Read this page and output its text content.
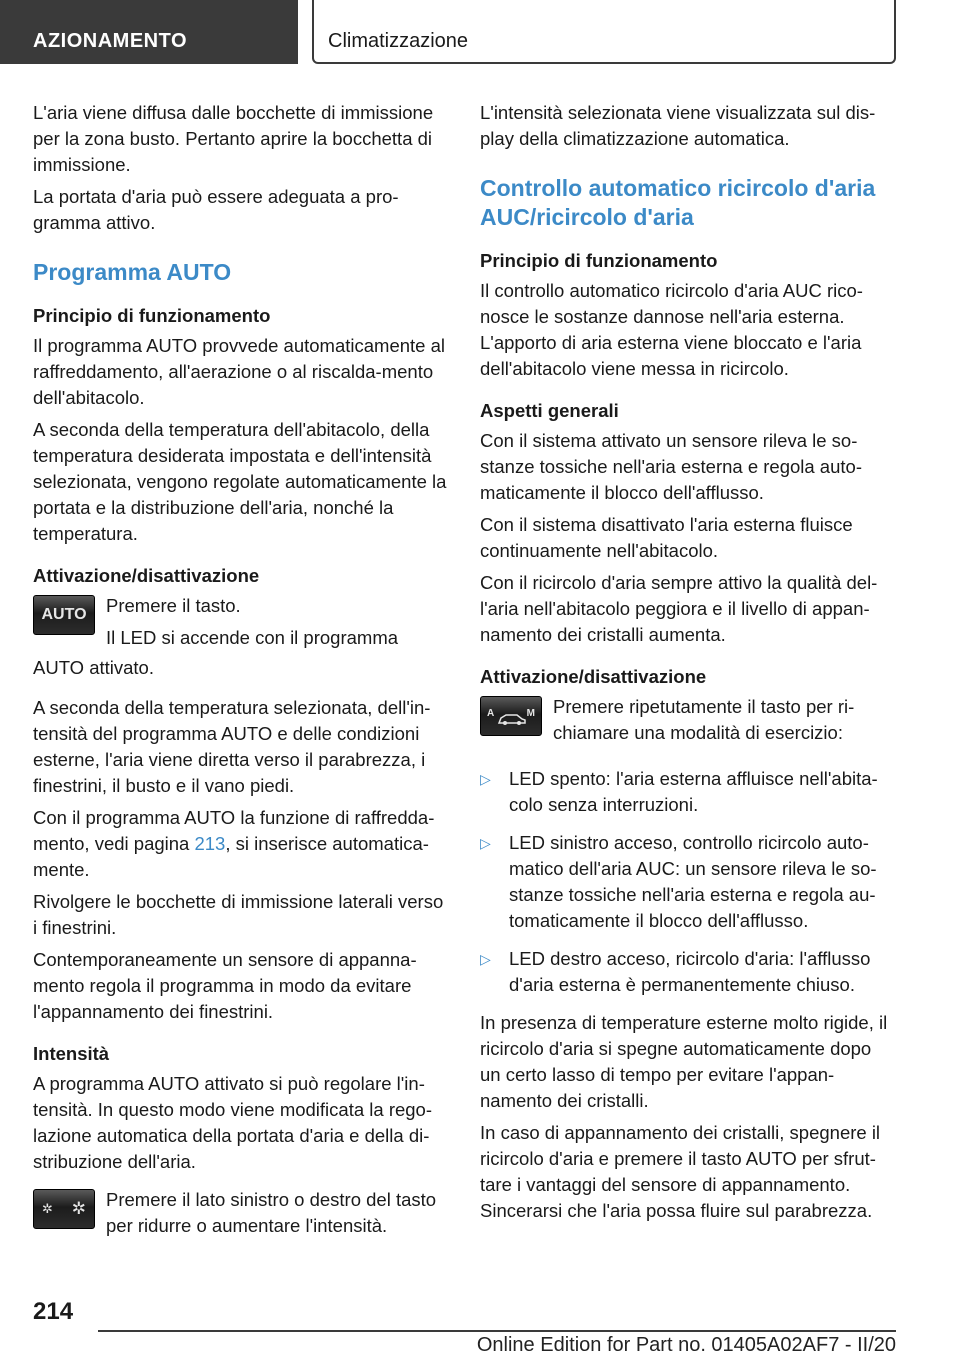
AZIONAMENTO	Climatizzazione

L'aria viene diffusa dalle bocchette di immissione per la zona busto. Pertanto aprire la bocchetta di immissione.

La portata d'aria può essere adeguata a pro-gramma attivo.

Programma AUTO
Principio di funzionamento

Il programma AUTO provvede automaticamente al raffreddamento, all'aerazione o al riscalda-mento dell'abitacolo.

A seconda della temperatura dell'abitacolo, della temperatura desiderata impostata e dell'intensità selezionata, vengono regolate automaticamente la portata e la distribuzione dell'aria, nonché la temperatura.

Attivazione/disattivazione
AUTO Premere il tasto.

Il LED si accende con il programma

AUTO attivato.

A seconda della temperatura selezionata, dell'in-tensità del programma AUTO e delle condizioni esterne, l'aria viene diretta verso il parabrezza, i finestrini, il busto e il vano piedi.

Con il programma AUTO la funzione di raffredda-mento, vedi pagina 213, si inserisce automatica-mente.

Rivolgere le bocchette di immissione laterali verso i finestrini.

Contemporaneamente un sensore di appanna-mento regola il programma in modo da evitare l'appannamento dei finestrini.

Intensità

A programma AUTO attivato si può regolare l'in-tensità. In questo modo viene modificata la rego-lazione automatica della portata d'aria e della di-stribuzione dell'aria.

✲ ✲ Premere il lato sinistro o destro del tasto per ridurre o aumentare l'intensità.

L'intensità selezionata viene visualizzata sul dis-play della climatizzazione automatica.

Controllo automatico ricircolo d'aria AUC/ricircolo d'aria
Principio di funzionamento

Il controllo automatico ricircolo d'aria AUC rico-nosce le sostanze dannose nell'aria esterna. L'apporto di aria esterna viene bloccato e l'aria dell'abitacolo viene messa in ricircolo.

Aspetti generali

Con il sistema attivato un sensore rileva le so-stanze tossiche nell'aria esterna e regola auto-maticamente il blocco dell'afflusso.

Con il sistema disattivato l'aria esterna fluisce continuamente nell'abitacolo.

Con il ricircolo d'aria sempre attivo la qualità del-l'aria nell'abitacolo peggiora e il livello di appan-namento dei cristalli aumenta.

Attivazione/disattivazione
A	M Premere ripetutamente il tasto per ri-chiamare una modalità di esercizio:

▷ LED spento: l'aria esterna affluisce nell'abita-colo senza interruzioni.
▷ LED sinistro acceso, controllo ricircolo auto-matico dell'aria AUC: un sensore rileva le so-stanze tossiche nell'aria esterna e regola au-tomaticamente il blocco dell'afflusso.
▷ LED destro acceso, ricircolo d'aria: l'afflusso d'aria esterna è permanentemente chiuso.

In presenza di temperature esterne molto rigide, il ricircolo d'aria si spegne automaticamente dopo un certo lasso di tempo per evitare l'appan-namento dei cristalli.

In caso di appannamento dei cristalli, spegnere il ricircolo d'aria e premere il tasto AUTO per sfrut-tare i vantaggi del sensore di appannamento. Sincerarsi che l'aria possa fluire sul parabrezza.

214
Online Edition for Part no. 01405A02AF7 - II/20
